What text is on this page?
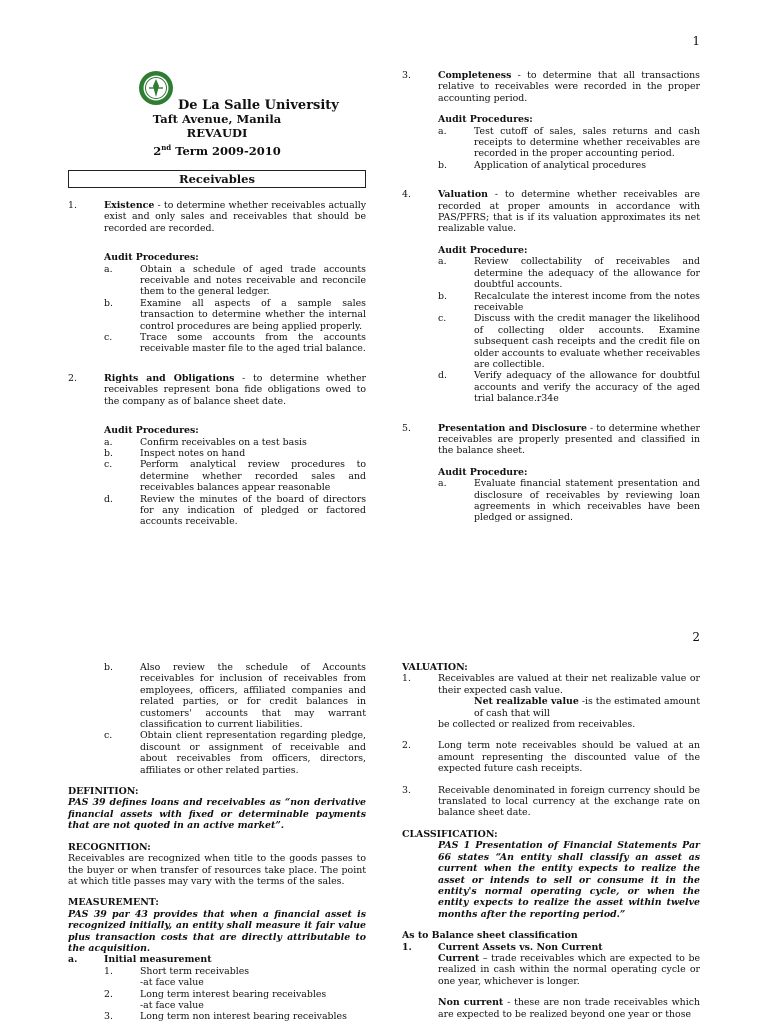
1
De La Salle University
Taft Avenue, Manila
REVAUDI
2nd Term 2009-2010
Receivables
1.	Existence - to determine whether receivables actually exist and only sales and receivables that should be recorded are recorded.

Audit Procedures:

a.	Obtain a schedule of aged trade accounts receivable and notes receivable and reconcile them to the general ledger.
b.	Examine all aspects of a sample sales transaction to determine whether the internal control procedures are being applied properly.
c.	Trace some accounts from the accounts receivable master file to the aged trial balance.
2.	Rights and Obligations - to determine whether receivables represent bona fide obligations owed to the company as of balance sheet date.

Audit Procedures:

a.	Confirm receivables on a test basis
b.	Inspect notes on hand
c.	Perform analytical review procedures to determine whether recorded sales and receivables balances appear reasonable
d.	Review the minutes of the board of directors for any indication of pledged or factored accounts receivable.
3.	Completeness - to determine that all transactions relative to receivables were recorded in the proper accounting period.

Audit Procedures:

a.	Test cutoff of sales, sales returns and cash receipts to determine whether receivables are recorded in the proper accounting period.
b.	Application of analytical procedures
4.	Valuation - to determine whether receivables are recorded at proper amounts in accordance with PAS/PFRS; that is if its valuation approximates its net realizable value.

Audit Procedure:

a.	Review collectability of receivables and determine the adequacy of the allowance for doubtful accounts.
b.	Recalculate the interest income from the notes receivable
c.	Discuss with the credit manager the likelihood of collecting older accounts. Examine subsequent cash receipts and the credit file on older accounts to evaluate whether receivables are collectible.
d.	Verify adequacy of the allowance for doubtful accounts and verify the accuracy of the aged trial balance.r34e
5.	Presentation and Disclosure - to determine whether receivables are properly presented and classified in the balance sheet.

Audit Procedure:

a.	Evaluate financial statement presentation and disclosure of receivables by reviewing loan agreements in which receivables have been pledged or assigned.
2
b.	Also review the schedule of Accounts receivables for inclusion of receivables from employees, officers, affiliated companies and related parties, or for credit balances in customers' accounts that may warrant classification to current liabilities.
c.	Obtain client representation regarding pledge, discount or assignment of receivable and about receivables from officers, directors, affiliates or other related parties.

DEFINITION:

PAS 39 defines loans and receivables as “non derivative financial assets with fixed or determinable payments that are not quoted in an active market”.

RECOGNITION:

Receivables are recognized when title to the goods passes to the buyer or when transfer of resources take place. The point at which title passes may vary with the terms of the sales.

MEASUREMENT:

PAS 39 par 43 provides that when a financial asset is recognized initially, an entity shall measure it fair value plus transaction costs that are directly attributable to the acquisition.

a.	Initial measurement
1.	Short term receivables
-at face value
2.	Long term interest bearing receivables
-at face value
3.	Long term non interest bearing receivables

VALUATION:

1.	Receivables are valued at their net realizable value or their expected cash value.

Net realizable value -is the estimated amount

of cash that will

be collected or realized from receivables.

2.	Long term note receivables should be valued at an amount representing the discounted value of the expected future cash receipts.
3.	Receivable denominated in foreign currency should be translated to local currency at the exchange rate on balance sheet date.

CLASSIFICATION:

PAS 1 Presentation of Financial Statements Par 66 states “An entity shall classify an asset as current when the entity expects to realize the asset or intends to sell or consume it in the entity's normal operating cycle, or when the entity expects to realize the asset within twelve months after the reporting period.”

As to Balance sheet classification

1.	Current Assets vs. Non Current

Current – trade receivables which are expected to be realized in cash within the normal operating cycle or one year, whichever is longer.

Non current - these are non trade receivables which are expected to be realized beyond one year or those
